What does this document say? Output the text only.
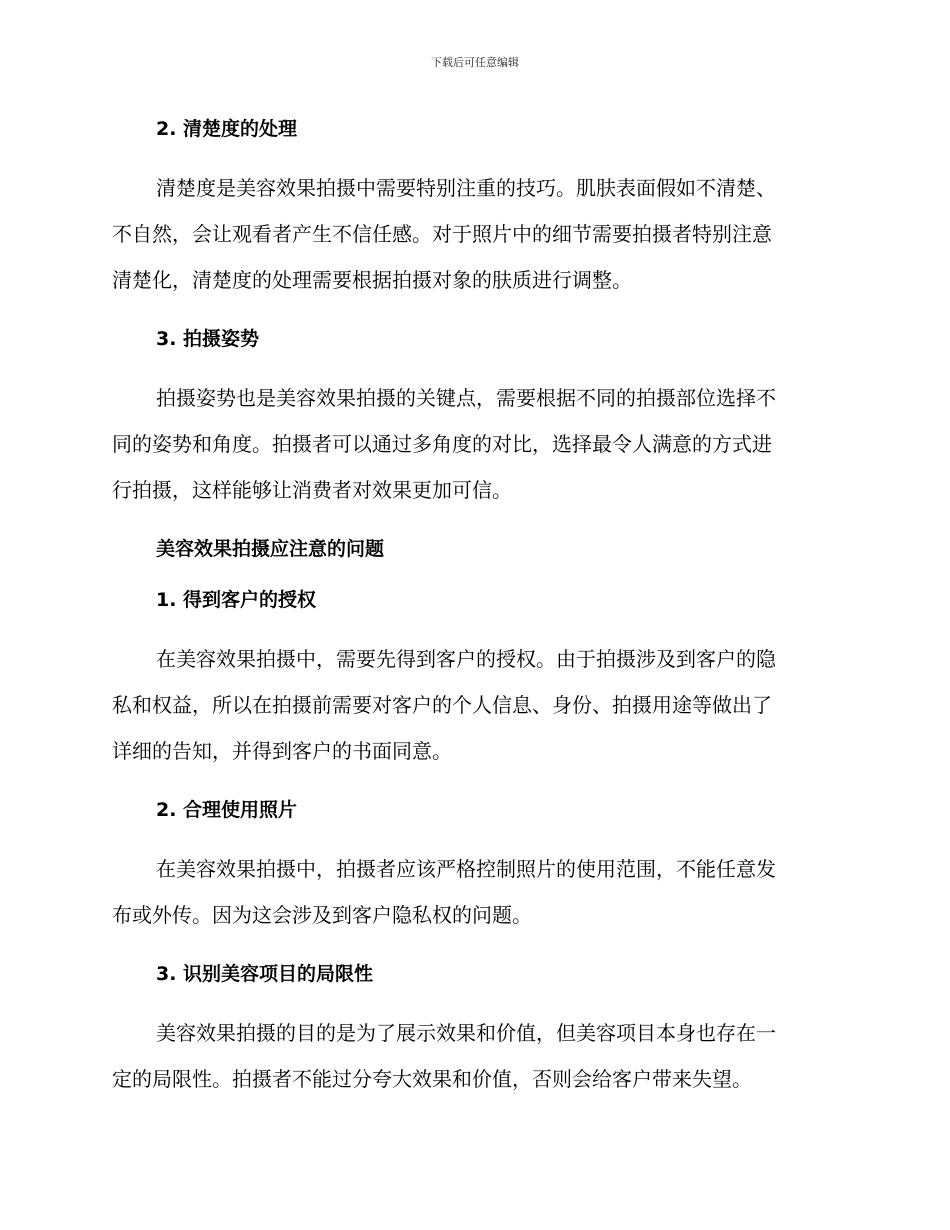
下载后可任意编辑
2. 清楚度的处理
清楚度是美容效果拍摄中需要特别注重的技巧。肌肤表面假如不清楚、
不自然，会让观看者产生不信任感。对于照片中的细节需要拍摄者特别注意
清楚化，清楚度的处理需要根据拍摄对象的肤质进行调整。
3. 拍摄姿势
拍摄姿势也是美容效果拍摄的关键点，需要根据不同的拍摄部位选择不
同的姿势和角度。拍摄者可以通过多角度的对比，选择最令人满意的方式进
行拍摄，这样能够让消费者对效果更加可信。
美容效果拍摄应注意的问题
1. 得到客户的授权
在美容效果拍摄中，需要先得到客户的授权。由于拍摄涉及到客户的隐
私和权益，所以在拍摄前需要对客户的个人信息、身份、拍摄用途等做出了
详细的告知，并得到客户的书面同意。
2. 合理使用照片
在美容效果拍摄中，拍摄者应该严格控制照片的使用范围，不能任意发
布或外传。因为这会涉及到客户隐私权的问题。
3. 识别美容项目的局限性
美容效果拍摄的目的是为了展示效果和价值，但美容项目本身也存在一
定的局限性。拍摄者不能过分夸大效果和价值，否则会给客户带来失望。
